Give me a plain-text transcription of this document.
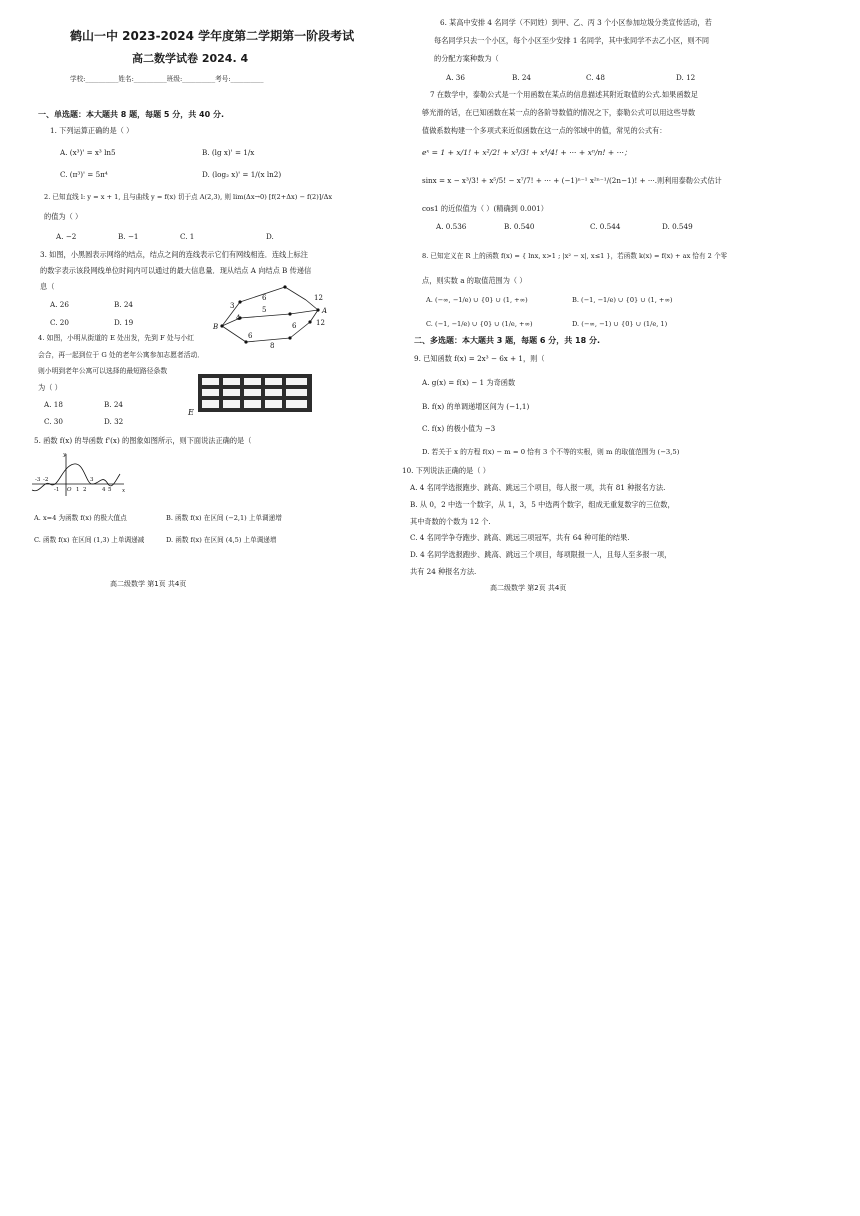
鹤山一中 2023-2024 学年度第二学期第一阶段考试
高二数学试卷 2024. 4
学校:__________姓名:__________班级:__________考号:__________
一、单选题：本大题共 8 题，每题 5 分，共 40 分.
1. 下列运算正确的是（ ）
A. (x³)' = x³ ln5	B. (lg x)' = 1/x
C. (π³)' = 5π⁴	D. (log₂ x)' = 1/(x ln2)
2. 已知直线 l: y = x + 1, 且与曲线 y = f(x) 切于点 A(2,3), 则 lim(Δx→0) [f(2+Δx) − f(2)]/Δx
的值为（ ）
A. −2	B. −1	C. 1	D.
3. 如图，小黑圆表示网络的结点，结点之间的连线表示它们有网线相连．连线上标注
的数字表示该段网线单位时间内可以通过的最大信息量．现从结点 A 向结点 B 传递信
息（
A. 26	B. 24
C. 20	D. 19
3
4
6	12
5
6	12
6
8
B
A
4. 如图，小明从街道的 E 处出发，先到 F 处与小红
会合，再一起到位于 G 处的老年公寓参加志愿者活动．
则小明到老年公寓可以选择的最短路径条数
为（ ）
A. 18	B. 24
C. 30	D. 32
E
5. 函数 f(x) 的导函数 f'(x) 的图象如图所示，则下面说法正确的是（
y
x
-3 -2
-1 O 1 2
3
4 5
A. x=4 为函数 f(x) 的极大值点	B. 函数 f(x) 在区间 (−2,1) 上单调递增
C. 函数 f(x) 在区间 (1,3) 上单调递减	D. 函数 f(x) 在区间 (4,5) 上单调递增
高二级数学 第1页 共4页
6. 某高中安排 4 名同学（不同姓）到甲、乙、丙 3 个小区参加垃圾分类宣传活动，若
每名同学只去一个小区，每个小区至少安排 1 名同学，其中张同学不去乙小区，则不同
的分配方案种数为（
A. 36	B. 24	C. 48	D. 12
7 在数学中，泰勒公式是一个用函数在某点的信息描述其附近取值的公式.如果函数足
够光滑的话，在已知函数在某一点的各阶导数值的情况之下，泰勒公式可以用这些导数
值做系数构建一个多项式来近似函数在这一点的邻域中的值，常见的公式有：
eˣ = 1 + x/1! + x²/2! + x³/3! + x⁴/4! + ··· + xⁿ/n! + ···；
sinx = x − x³/3! + x⁵/5! − x⁷/7! + ··· + (−1)ⁿ⁻¹ x²ⁿ⁻¹/(2n−1)! + ···.则利用泰勒公式估计
cos1 的近似值为（ ）(精确到 0.001）
A. 0.536	B. 0.540	C. 0.544	D. 0.549
8. 已知定义在 R 上的函数 f(x) = { lnx, x>1 ; |x² − x|, x≤1 }，若函数 k(x) = f(x) + ax 恰有 2 个零
点，则实数 a 的取值范围为（ ）
A. (−∞, −1/e) ∪ {0} ∪ (1, +∞)	B. (−1, −1/e) ∪ {0} ∪ (1, +∞)
C. (−1, −1/e) ∪ {0} ∪ (1/e, +∞)	D. (−∞, −1) ∪ {0} ∪ (1/e, 1)
二、多选题：本大题共 3 题，每题 6 分，共 18 分.
9. 已知函数 f(x) = 2x³ − 6x + 1，则（
A. g(x) = f(x) − 1 为奇函数
B. f(x) 的单调递增区间为 (−1,1)
C. f(x) 的极小值为 −3
D. 若关于 x 的方程 f(x) − m = 0 恰有 3 个不等的实根，则 m 的取值范围为 (−3,5)
10. 下列说法正确的是（ ）
A. 4 名同学选报跑步、跳高、跳远三个项目，每人报一项，共有 81 种报名方法.
B. 从 0，2 中选一个数字，从 1，3，5 中选两个数字，组成无重复数字的三位数，
其中奇数的个数为 12 个.
C. 4 名同学争夺跑步、跳高、跳远三项冠军，共有 64 种可能的结果.
D. 4 名同学选报跑步、跳高、跳远三个项目，每项限报一人，且每人至多报一项，
共有 24 种报名方法.
高二级数学 第2页 共4页
